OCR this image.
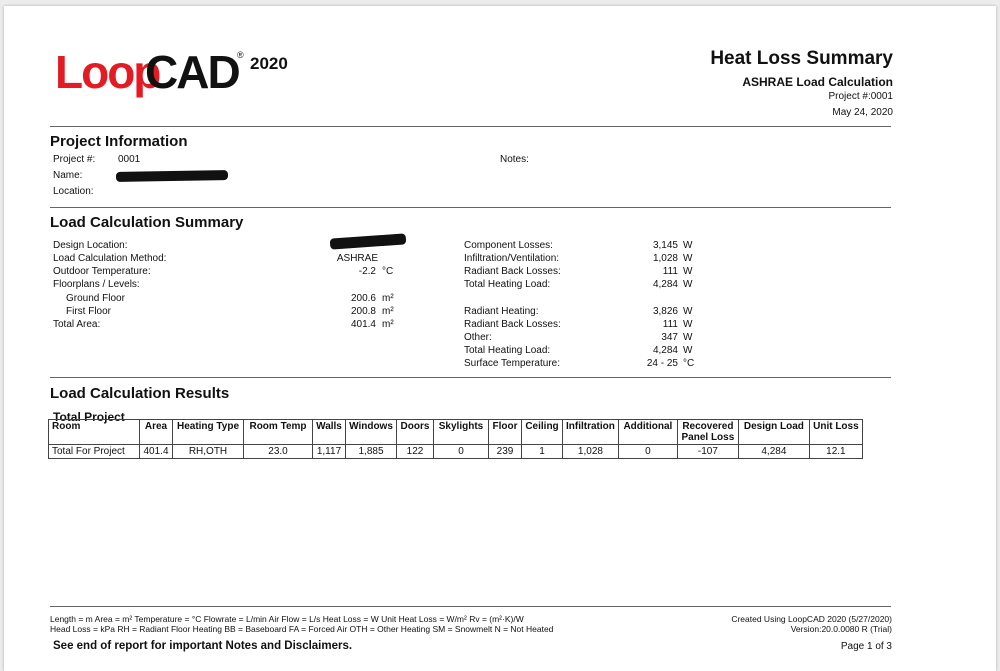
Loop
CAD
® 2020	Heat Loss Summary
ASHRAE Load Calculation
Project #:0001
May 24, 2020
Project Information
Project #: 0001
Name:
Location:
Notes:
Load Calculation Summary
Design Location:
Load Calculation Method:	ASHRAE
Outdoor Temperature:	-2.2 °C
Floorplans / Levels:
Ground Floor	200.6 m²
First Floor	200.8 m²
Total Area:	401.4 m²
Component Losses:	3,145 W
Infiltration/Ventilation:	1,028 W
Radiant Back Losses:	111 W
Total Heating Load:	4,284 W
Radiant Heating:	3,826 W
Radiant Back Losses:	111 W
Other:	347 W
Total Heating Load:	4,284 W
Surface Temperature:	24 - 25 °C
Load Calculation Results
Total Project
Room	Area	Heating Type	Room Temp	Walls	Windows	Doors	Skylights	Floor	Ceiling	Infiltration	Additional	Recovered Panel Loss	Design Load	Unit Loss
Total For Project	401.4	RH,OTH	23.0	1,117	1,885	122	0	239	1	1,028	0	-107	4,284	12.1
Length = m Area = m² Temperature = °C Flowrate = L/min Air Flow = L/s Heat Loss = W Unit Heat Loss = W/m² Rv = (m²·K)/W
Head Loss = kPa RH = Radiant Floor Heating BB = Baseboard FA = Forced Air OTH = Other Heating SM = Snowmelt N = Not Heated
Created Using LoopCAD 2020 (5/27/2020)
Version:20.0.0080 R (Trial)
See end of report for important Notes and Disclaimers.	Page 1 of 3
